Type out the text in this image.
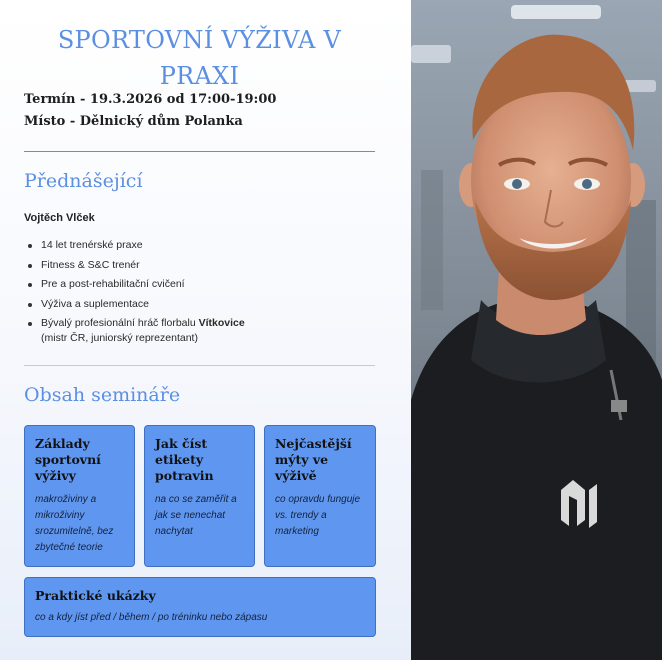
SPORTOVNÍ VÝŽIVA V PRAXI
Termín - 19.3.2026 od 17:00-19:00
Místo - Dělnický dům Polanka
Přednášející
Vojtěch Vlček
14 let trenérské praxe
Fitness & S&C trenér
Pre a post-rehabilitační cvičení
Výživa a suplementace
Bývalý profesionální hráč florbalu Vítkovice
(mistr ČR, juniorský reprezentant)
Obsah semináře
Základy sportovní výživy
makroživiny a mikroživiny srozumitelně, bez zbytečné teorie
Jak číst etikety potravin
na co se zaměřit a jak se nenechat nachytat
Nejčastější mýty ve výživě
co opravdu funguje vs. trendy a marketing
Praktické ukázky
co a kdy jíst před / během / po tréninku nebo zápasu
